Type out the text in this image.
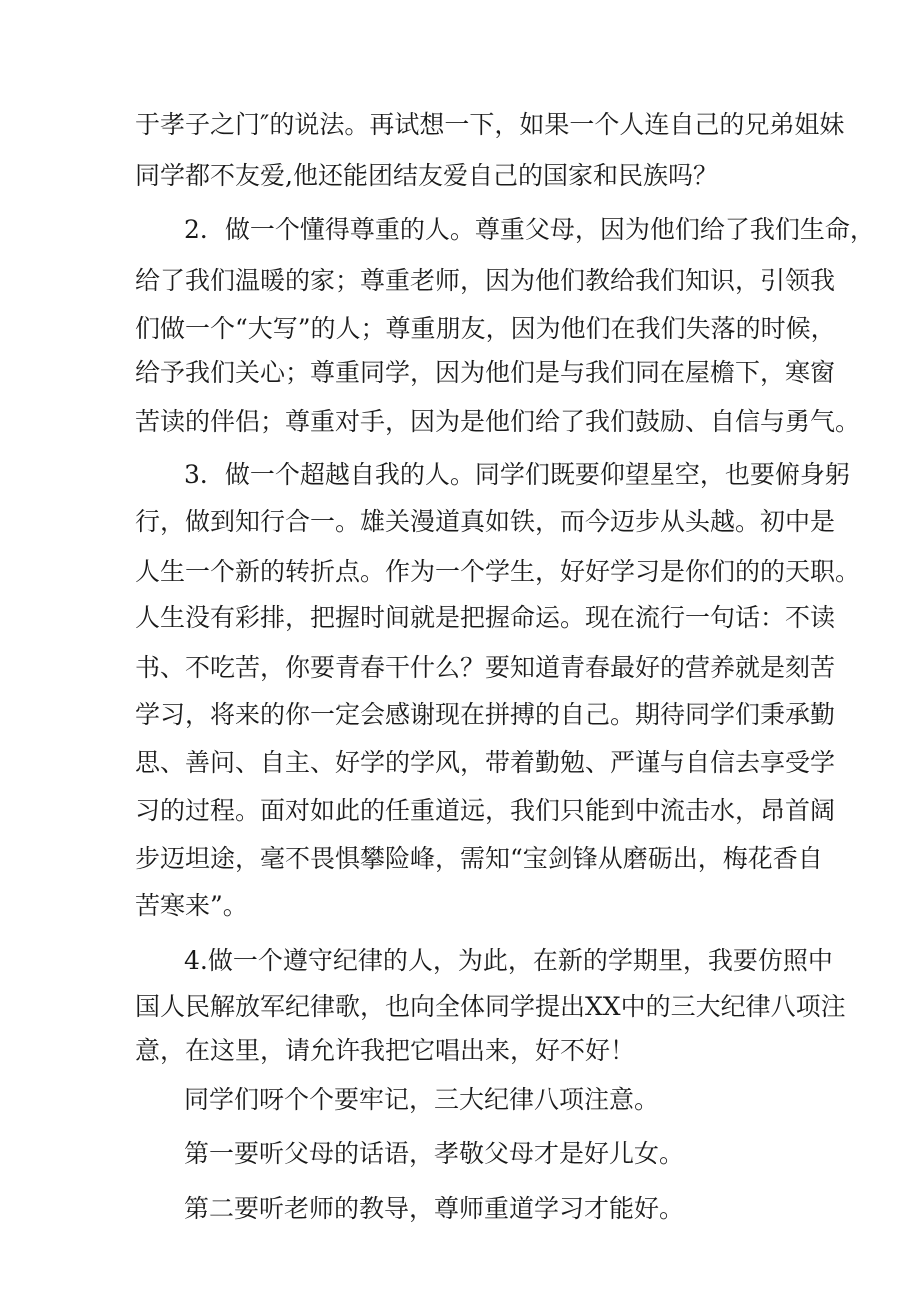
于孝子之门″的说法。再试想一下，如果一个人连自己的兄弟姐妹
同学都不友爱,他还能团结友爱自己的国家和民族吗？
2．做一个懂得尊重的人。尊重父母，因为他们给了我们生命，
给了我们温暖的家；尊重老师，因为他们教给我们知识，引领我
们做一个“大写”的人；尊重朋友，因为他们在我们失落的时候，
给予我们关心；尊重同学，因为他们是与我们同在屋檐下，寒窗
苦读的伴侣；尊重对手，因为是他们给了我们鼓励、自信与勇气。
3．做一个超越自我的人。同学们既要仰望星空，也要俯身躬
行，做到知行合一。雄关漫道真如铁，而今迈步从头越。初中是
人生一个新的转折点。作为一个学生，好好学习是你们的的天职。
人生没有彩排，把握时间就是把握命运。现在流行一句话：不读
书、不吃苦，你要青春干什么？要知道青春最好的营养就是刻苦
学习，将来的你一定会感谢现在拼搏的自己。期待同学们秉承勤
思、善问、自主、好学的学风，带着勤勉、严谨与自信去享受学
习的过程。面对如此的任重道远，我们只能到中流击水，昂首阔
步迈坦途，毫不畏惧攀险峰，需知“宝剑锋从磨砺出，梅花香自
苦寒来”。
4.做一个遵守纪律的人，为此，在新的学期里，我要仿照中
国人民解放军纪律歌，也向全体同学提出XX中的三大纪律八项注
意，在这里，请允许我把它唱出来，好不好！
同学们呀个个要牢记，三大纪律八项注意。
第一要听父母的话语，孝敬父母才是好儿女。
第二要听老师的教导，尊师重道学习才能好。
